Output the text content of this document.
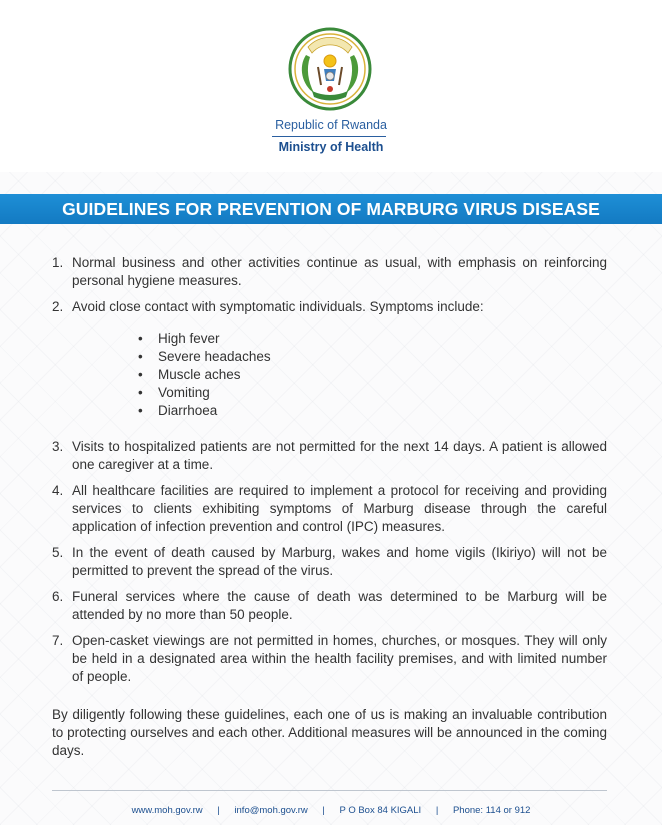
Republic of Rwanda
Ministry of Health
GUIDELINES FOR PREVENTION OF MARBURG VIRUS DISEASE
1. Normal business and other activities continue as usual, with emphasis on reinforcing personal hygiene measures.
2. Avoid close contact with symptomatic individuals. Symptoms include:
• High fever
• Severe headaches
• Muscle aches
• Vomiting
• Diarrhoea
3. Visits to hospitalized patients are not permitted for the next 14 days. A patient is allowed one caregiver at a time.
4. All healthcare facilities are required to implement a protocol for receiving and providing services to clients exhibiting symptoms of Marburg disease through the careful application of infection prevention and control (IPC) measures.
5. In the event of death caused by Marburg, wakes and home vigils (Ikiriyo) will not be permitted to prevent the spread of the virus.
6. Funeral services where the cause of death was determined to be Marburg will be attended by no more than 50 people.
7. Open-casket viewings are not permitted in homes, churches, or mosques. They will only be held in a designated area within the health facility premises, and with limited number of people.
By diligently following these guidelines, each one of us is making an invaluable contribution to protecting ourselves and each other. Additional measures will be announced in the coming days.
www.moh.gov.rw | info@moh.gov.rw | P O Box 84 KIGALI | Phone: 114 or 912
